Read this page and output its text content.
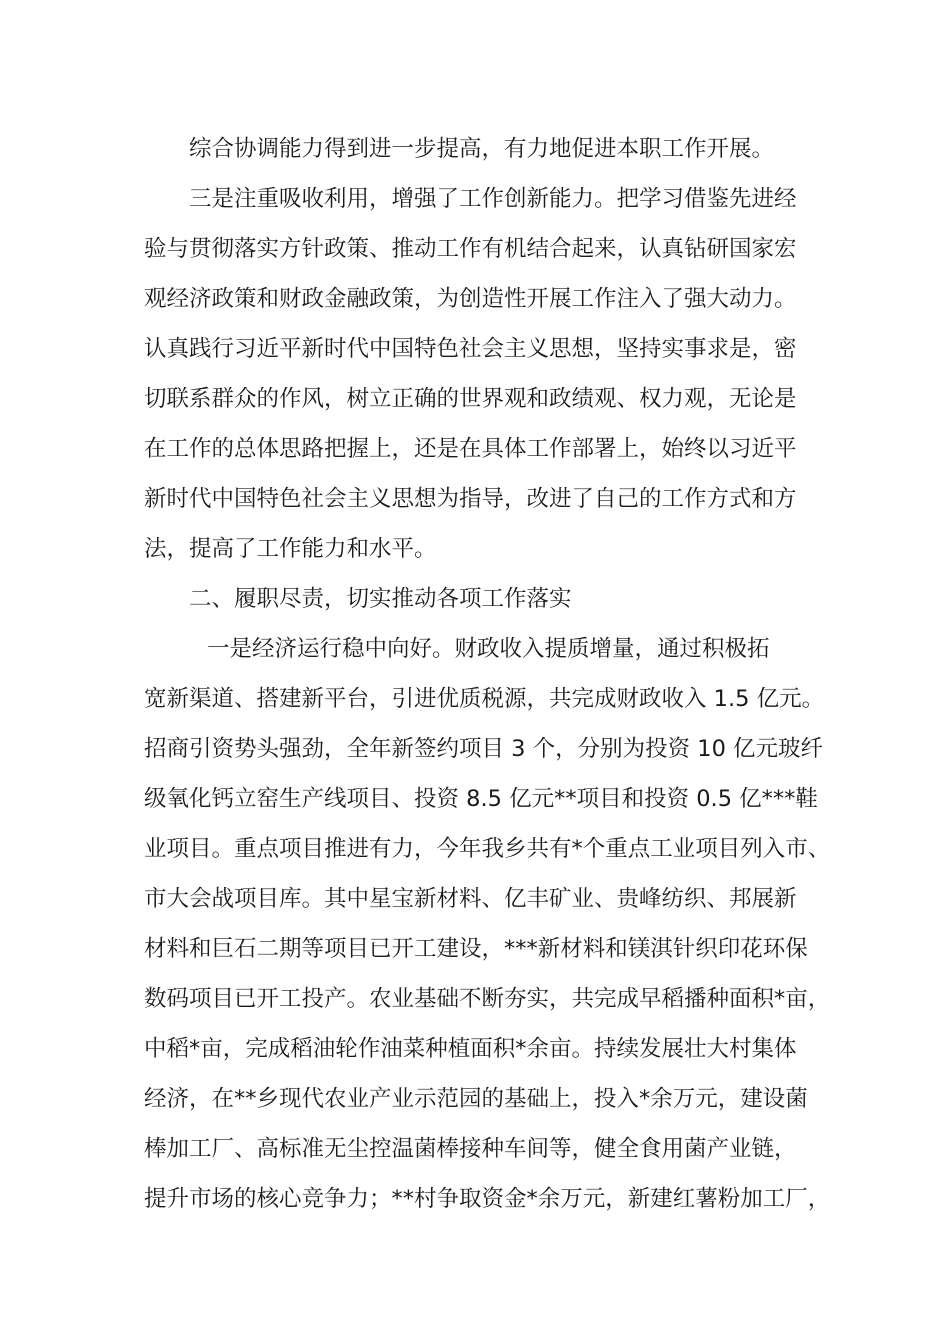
综合协调能力得到进一步提高，有力地促进本职工作开展。
三是注重吸收利用，增强了工作创新能力。把学习借鉴先进经
验与贯彻落实方针政策、推动工作有机结合起来，认真钻研国家宏
观经济政策和财政金融政策，为创造性开展工作注入了强大动力。
认真践行习近平新时代中国特色社会主义思想，坚持实事求是，密
切联系群众的作风，树立正确的世界观和政绩观、权力观，无论是
在工作的总体思路把握上，还是在具体工作部署上，始终以习近平
新时代中国特色社会主义思想为指导，改进了自己的工作方式和方
法，提高了工作能力和水平。
二、履职尽责，切实推动各项工作落实
一是经济运行稳中向好。财政收入提质增量，通过积极拓
宽新渠道、搭建新平台，引进优质税源，共完成财政收入 1.5 亿元。
招商引资势头强劲，全年新签约项目 3 个，分别为投资 10 亿元玻纤
级氧化钙立窑生产线项目、投资 8.5 亿元**项目和投资 0.5 亿***鞋
业项目。重点项目推进有力，今年我乡共有*个重点工业项目列入市、
市大会战项目库。其中星宝新材料、亿丰矿业、贵峰纺织、邦展新
材料和巨石二期等项目已开工建设，***新材料和镁淇针织印花环保
数码项目已开工投产。农业基础不断夯实，共完成早稻播种面积*亩，
中稻*亩，完成稻油轮作油菜种植面积*余亩。持续发展壮大村集体
经济，在**乡现代农业产业示范园的基础上，投入*余万元，建设菌
棒加工厂、高标准无尘控温菌棒接种车间等，健全食用菌产业链，
提升市场的核心竞争力；**村争取资金*余万元，新建红薯粉加工厂，
